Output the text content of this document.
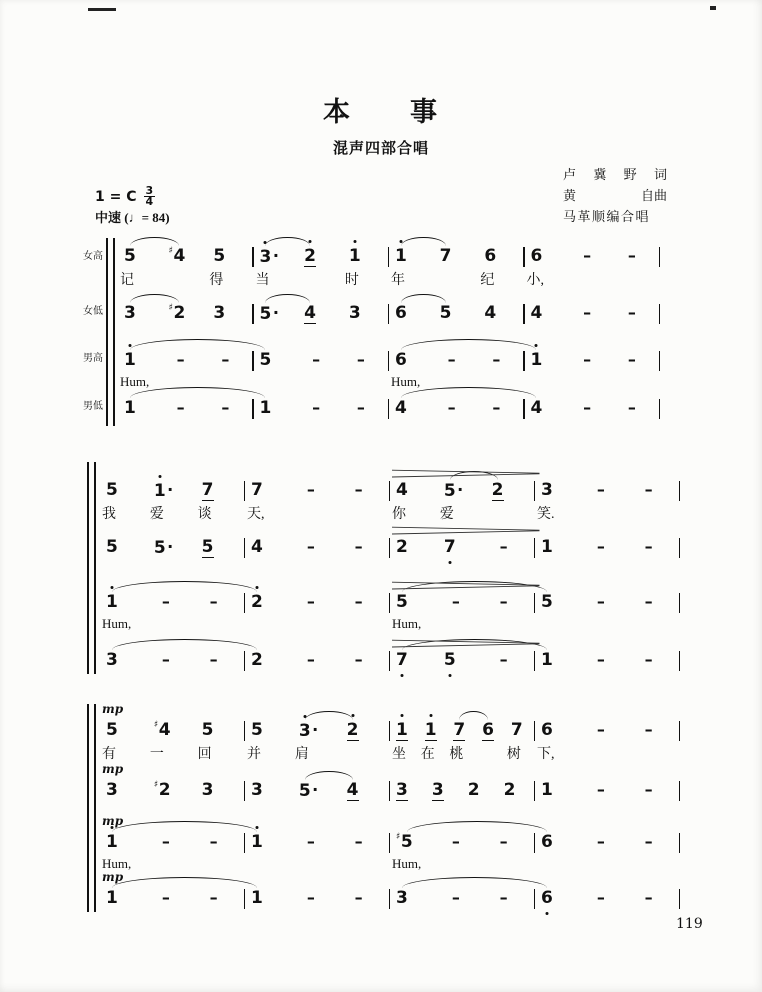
本　　事
混声四部合唱
卢 冀 野 词
黄	自曲
马革顺编合唱
1 = C $\frac{3}{4}$
中速 (♩= 84)
女高
女低
男高
男低
5
记
♯4	5
得
3
·
当
2	1
时
1
年
7	6
纪
6
小,
–	–
3	♯2	3	5·	4	3	6	5	4	4	–	–
1
Hum,
–	–	5	–	–	6
Hum,
–	–	1	–	–
1	–	–	1	–	–	4	–	–	4	–	–
5
我
1
·
爱
7
谈
7
天,
–	–	4
你
5·
爱
2	3
笑.
–	–
5	5·	5	4	–	–	2	7	–	1	–	–
1
Hum,
–	–	2	–	–	5
Hum,
–	–	5	–	–
3	–	–	2	–	–	7	5	–	1	–	–
5
有
mp
♯4
一
5
回
5
并
3
·
肩
2	1
坐
1
在
7
桃
6 7
树
6
下,
–	–
3
mp
♯2	3	3	5·	4	3	3	2	2	1	–	–
1
Hum,
mp
–	–	1	–	–	♯5
Hum,
–	–	6	–	–
1
mp
–	–	1	–	–	3	–	–	6	–	–
119
